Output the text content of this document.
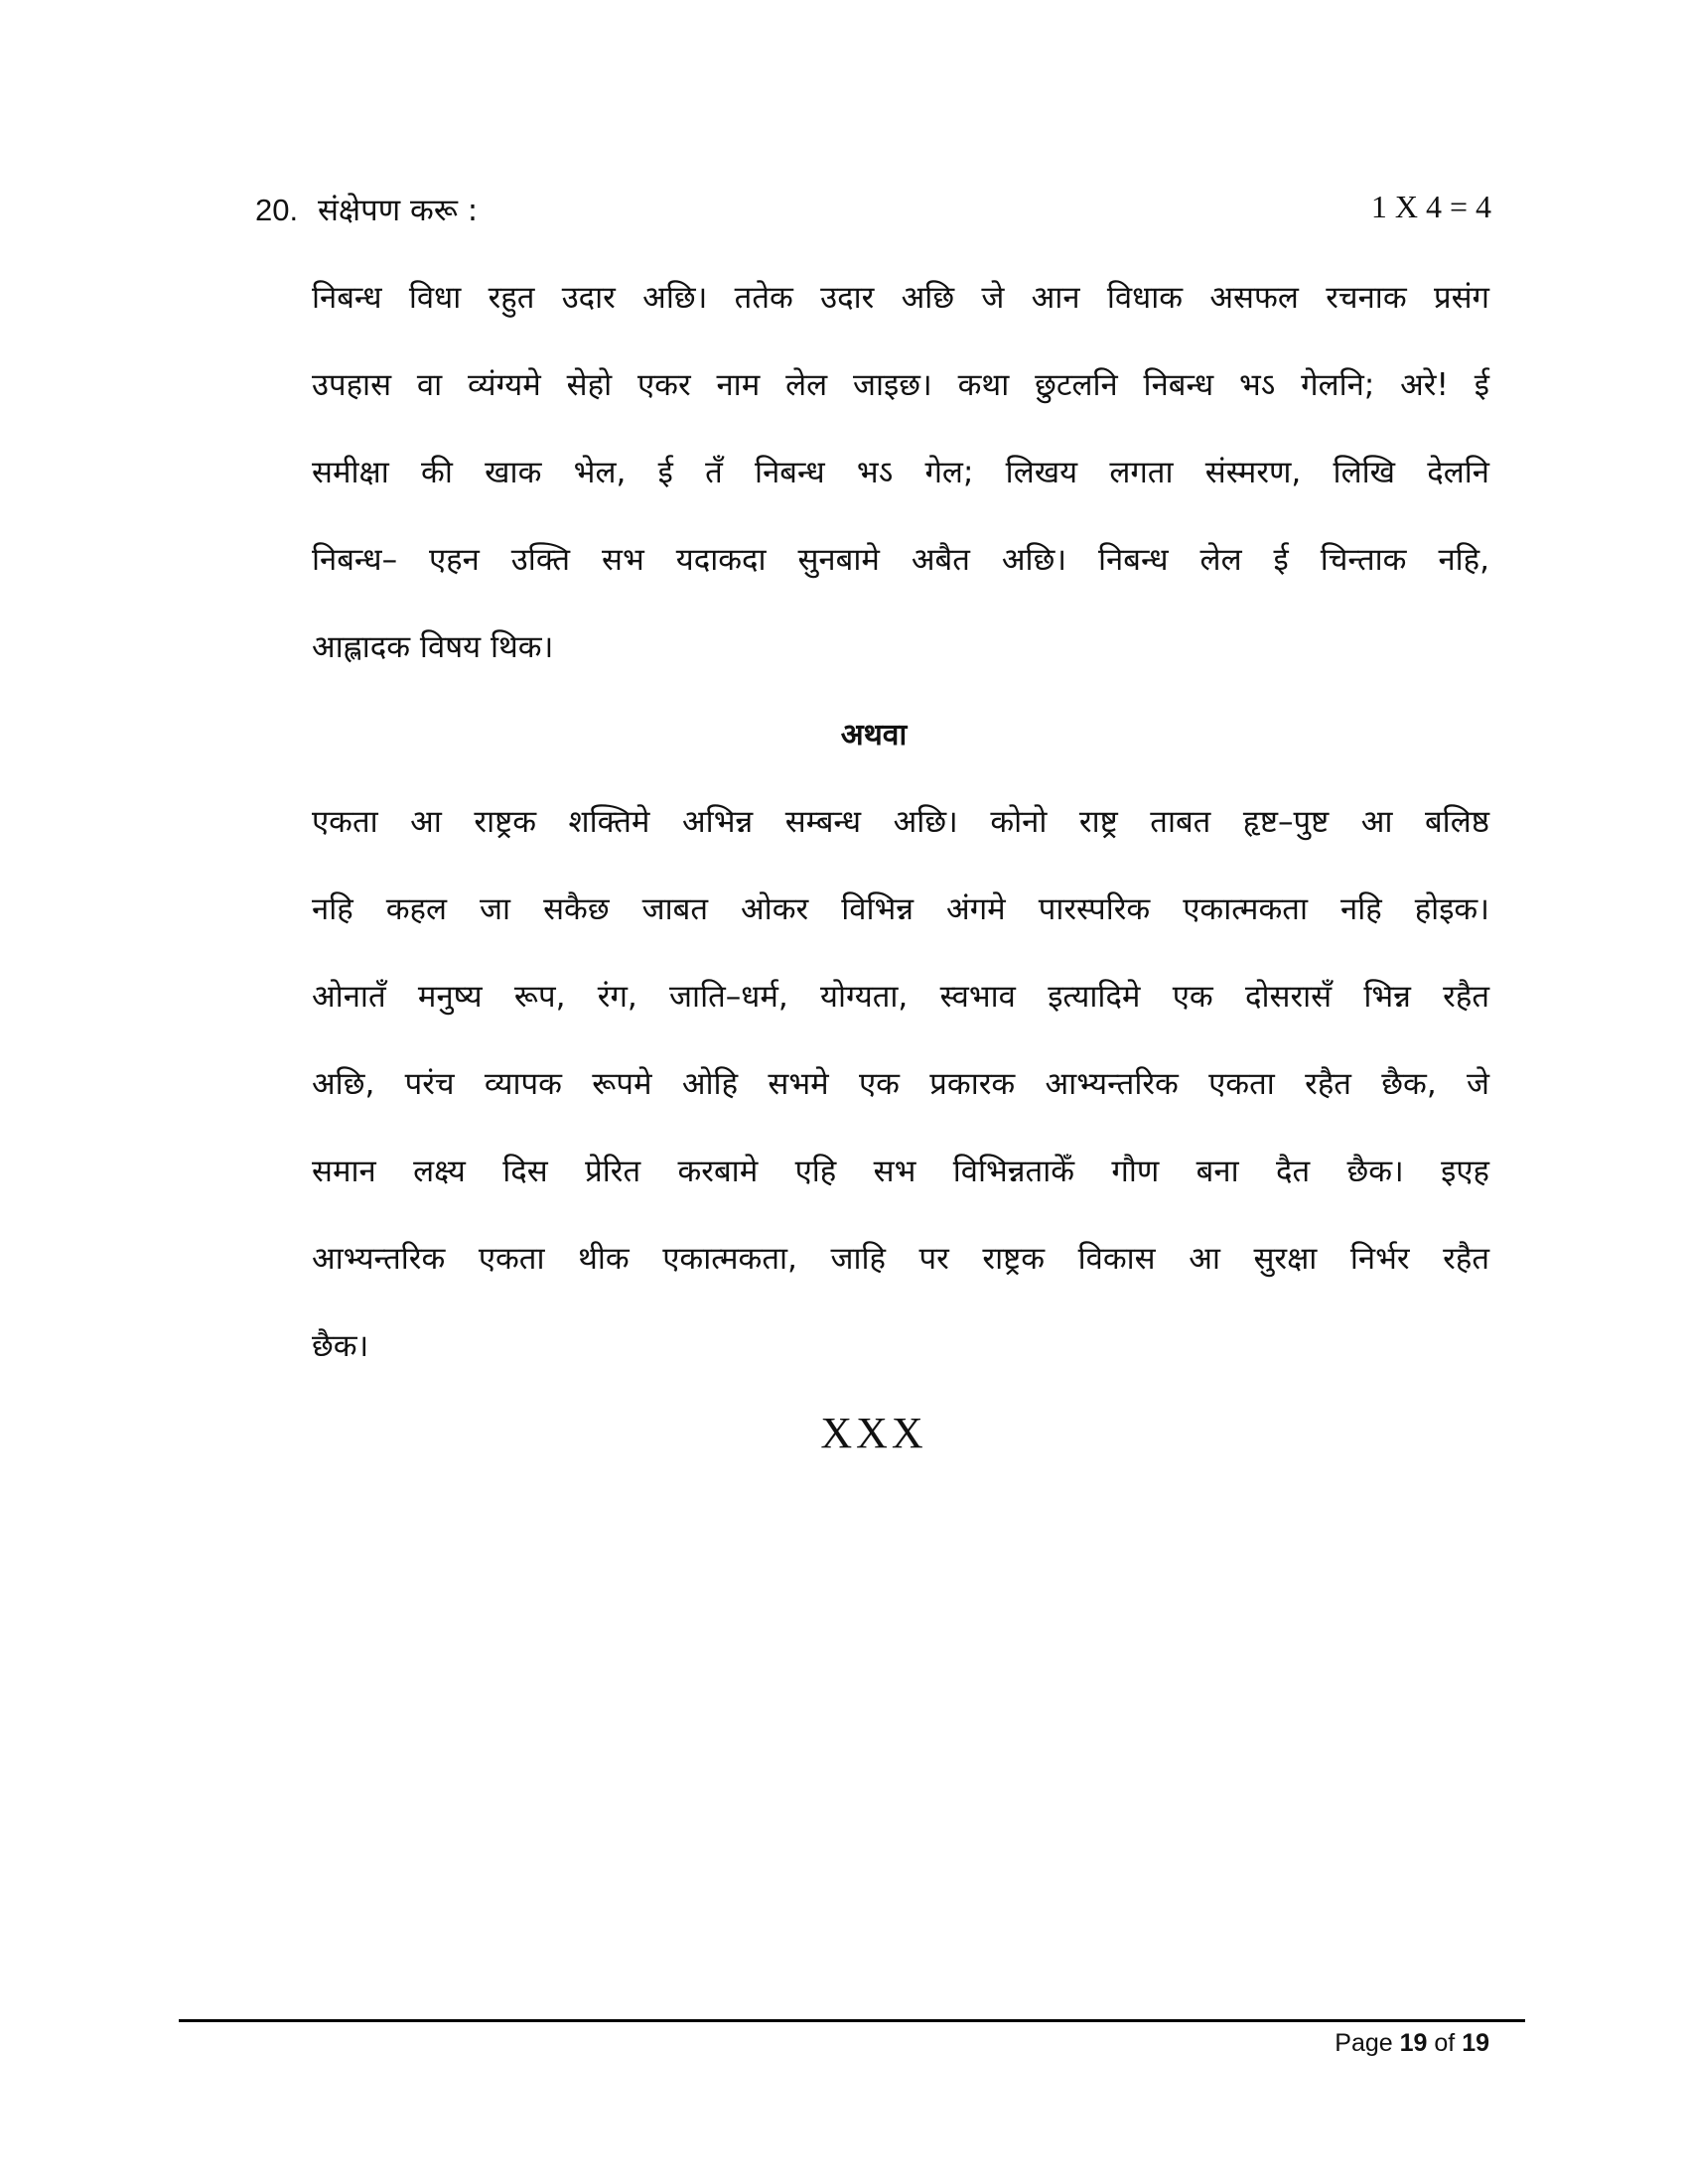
20. संक्षेपण करू :	1 X 4 = 4
निबन्ध विधा रहुत उदार अछि। ततेक उदार अछि जे आन विधाक असफल रचनाक प्रसंग
उपहास वा व्यंग्यमे सेहो एकर नाम लेल जाइछ। कथा छुटलनि निबन्ध भऽ गेलनि; अरे! ई
समीक्षा की खाक भेल, ई तँ निबन्ध भऽ गेल; लिखय लगता संस्मरण, लिखि देलनि
निबन्ध– एहन उक्ति सभ यदाकदा सुनबामे अबैत अछि। निबन्ध लेल ई चिन्ताक नहि,
आह्लादक विषय थिक।
अथवा
एकता आ राष्ट्रक शक्तिमे अभिन्न सम्बन्ध अछि। कोनो राष्ट्र ताबत हृष्ट–पुष्ट आ बलिष्ठ
नहि कहल जा सकैछ जाबत ओकर विभिन्न अंगमे पारस्परिक एकात्मकता नहि होइक।
ओनातँ मनुष्य रूप, रंग, जाति–धर्म, योग्यता, स्वभाव इत्यादिमे एक दोसरासँ भिन्न रहैत
अछि, परंच व्यापक रूपमे ओहि सभमे एक प्रकारक आभ्यन्तरिक एकता रहैत छैक, जे
समान लक्ष्य दिस प्रेरित करबामे एहि सभ विभिन्नताकेँ गौण बना दैत छैक। इएह
आभ्यन्तरिक एकता थीक एकात्मकता, जाहि पर राष्ट्रक विकास आ सुरक्षा निर्भर रहैत
छैक।
XXX
Page 19 of 19
